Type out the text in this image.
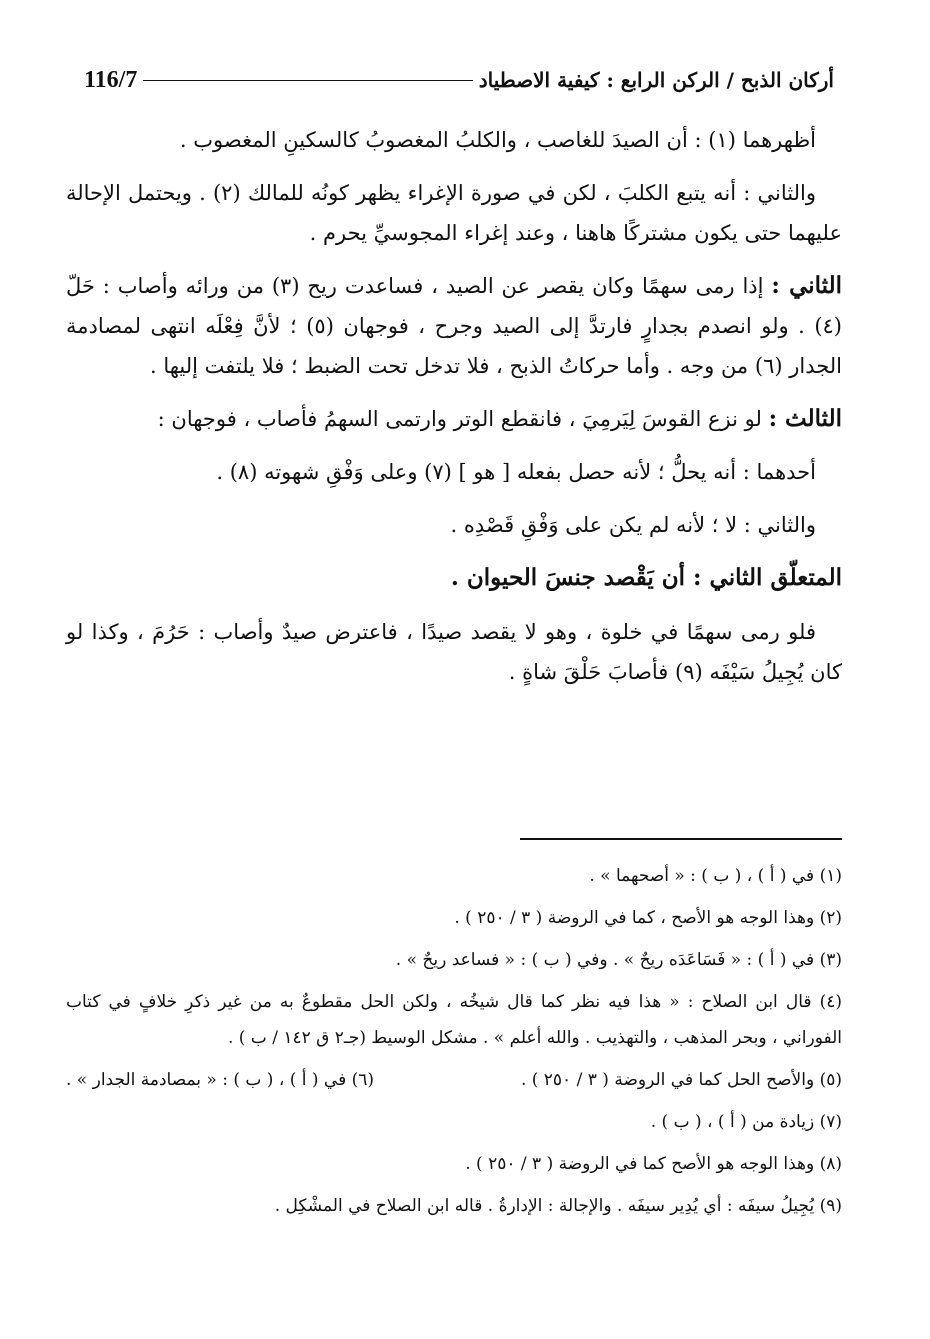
أركان الذبح / الركن الرابع : كيفية الاصطياد
116/7

أظهرهما (١) : أن الصيدَ للغاصب ، والكلبُ المغصوبُ كالسكينِ المغصوب .

والثاني : أنه يتبع الكلبَ ، لكن في صورة الإغراء يظهر كونُه للمالك (٢) . ويحتمل الإحالة عليهما حتى يكون مشتركًا هاهنا ، وعند إغراء المجوسيِّ يحرم .

الثاني : إذا رمى سهمًا وكان يقصر عن الصيد ، فساعدت ريح (٣) من ورائه وأصاب : حَلّ (٤) . ولو انصدم بجدارٍ فارتدَّ إلى الصيد وجرح ، فوجهان (٥) ؛ لأنَّ فِعْلَه انتهى لمصادمة الجدار (٦) من وجه . وأما حركاتُ الذبح ، فلا تدخل تحت الضبط ؛ فلا يلتفت إليها .

الثالث : لو نزع القوسَ لِيَرمِيَ ، فانقطع الوتر وارتمى السهمُ فأصاب ، فوجهان :

أحدهما : أنه يحلُّ ؛ لأنه حصل بفعله [ هو ] (٧) وعلى وَفْقِ شهوته (٨) .

والثاني : لا ؛ لأنه لم يكن على وَفْقِ قَصْدِه .

المتعلّق الثاني : أن يَقْصد جنسَ الحيوان .

فلو رمى سهمًا في خلوة ، وهو لا يقصد صيدًا ، فاعترض صيدٌ وأصاب : حَرُمَ ، وكذا لو كان يُجِيلُ سَيْفَه (٩) فأصابَ حَلْقَ شاةٍ .

(١) في ( أ ) ، ( ب ) : « أصحهما » .

(٢) وهذا الوجه هو الأصح ، كما في الروضة ( ٣ / ٢٥٠ ) .

(٣) في ( أ ) : « فَسَاعَدَه ريحٌ » . وفي ( ب ) : « فساعد ريحٌ » .

(٤) قال ابن الصلاح : « هذا فيه نظر كما قال شيخُه ، ولكن الحل مقطوعٌ به من غير ذكرِ خلافٍ في كتاب الفوراني ، وبحر المذهب ، والتهذيب . والله أعلم » . مشكل الوسيط (جـ٢ ق ١٤٢ / ب ) .

(٥) والأصح الحل كما في الروضة ( ٣ / ٢٥٠ ) .

(٦) في ( أ ) ، ( ب ) : « بمصادمة الجدار » .

(٧) زيادة من ( أ ) ، ( ب ) .

(٨) وهذا الوجه هو الأصح كما في الروضة ( ٣ / ٢٥٠ ) .

(٩) يُجِيلُ سيفَه : أي يُدِير سيفَه . والإجالة : الإدارةُ . قاله ابن الصلاح في المشْكِل .
